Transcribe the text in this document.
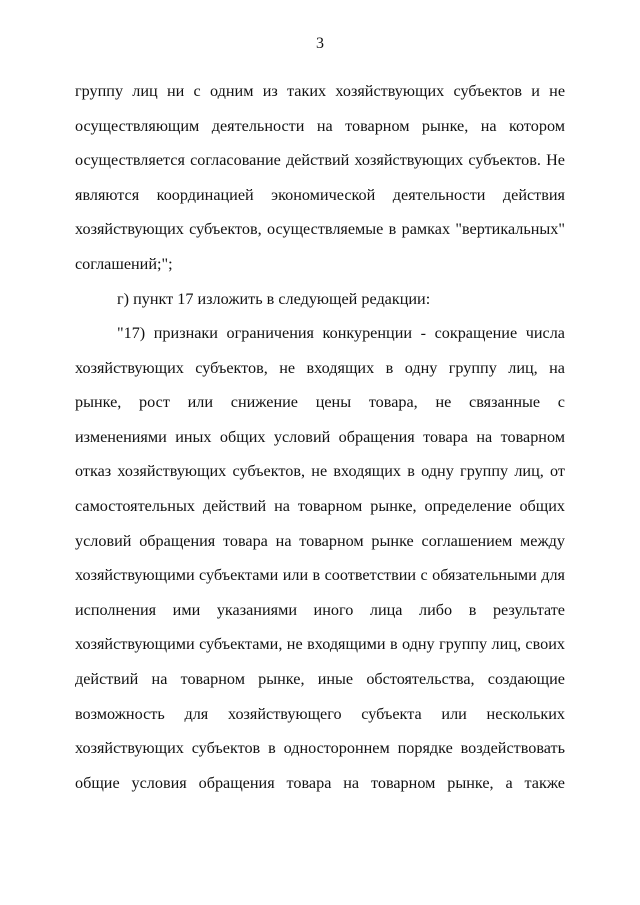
3
группу лиц ни с одним из таких хозяйствующих субъектов и не
осуществляющим деятельности на товарном рынке, на котором
осуществляется согласование действий хозяйствующих субъектов. Не
являются координацией экономической деятельности действия
хозяйствующих субъектов, осуществляемые в рамках "вертикальных"
соглашений;";
г) пункт 17 изложить в следующей редакции:
"17) признаки ограничения конкуренции - сокращение числа
хозяйствующих субъектов, не входящих в одну группу лиц, на
рынке, рост или снижение цены товара, не связанные с
изменениями иных общих условий обращения товара на товарном
отказ хозяйствующих субъектов, не входящих в одну группу лиц, от
самостоятельных действий на товарном рынке, определение общих
условий обращения товара на товарном рынке соглашением между
хозяйствующими субъектами или в соответствии с обязательными для
исполнения ими указаниями иного лица либо в результате
хозяйствующими субъектами, не входящими в одну группу лиц, своих
действий на товарном рынке, иные обстоятельства, создающие
возможность для хозяйствующего субъекта или нескольких
хозяйствующих субъектов в одностороннем порядке воздействовать
общие условия обращения товара на товарном рынке, а также
